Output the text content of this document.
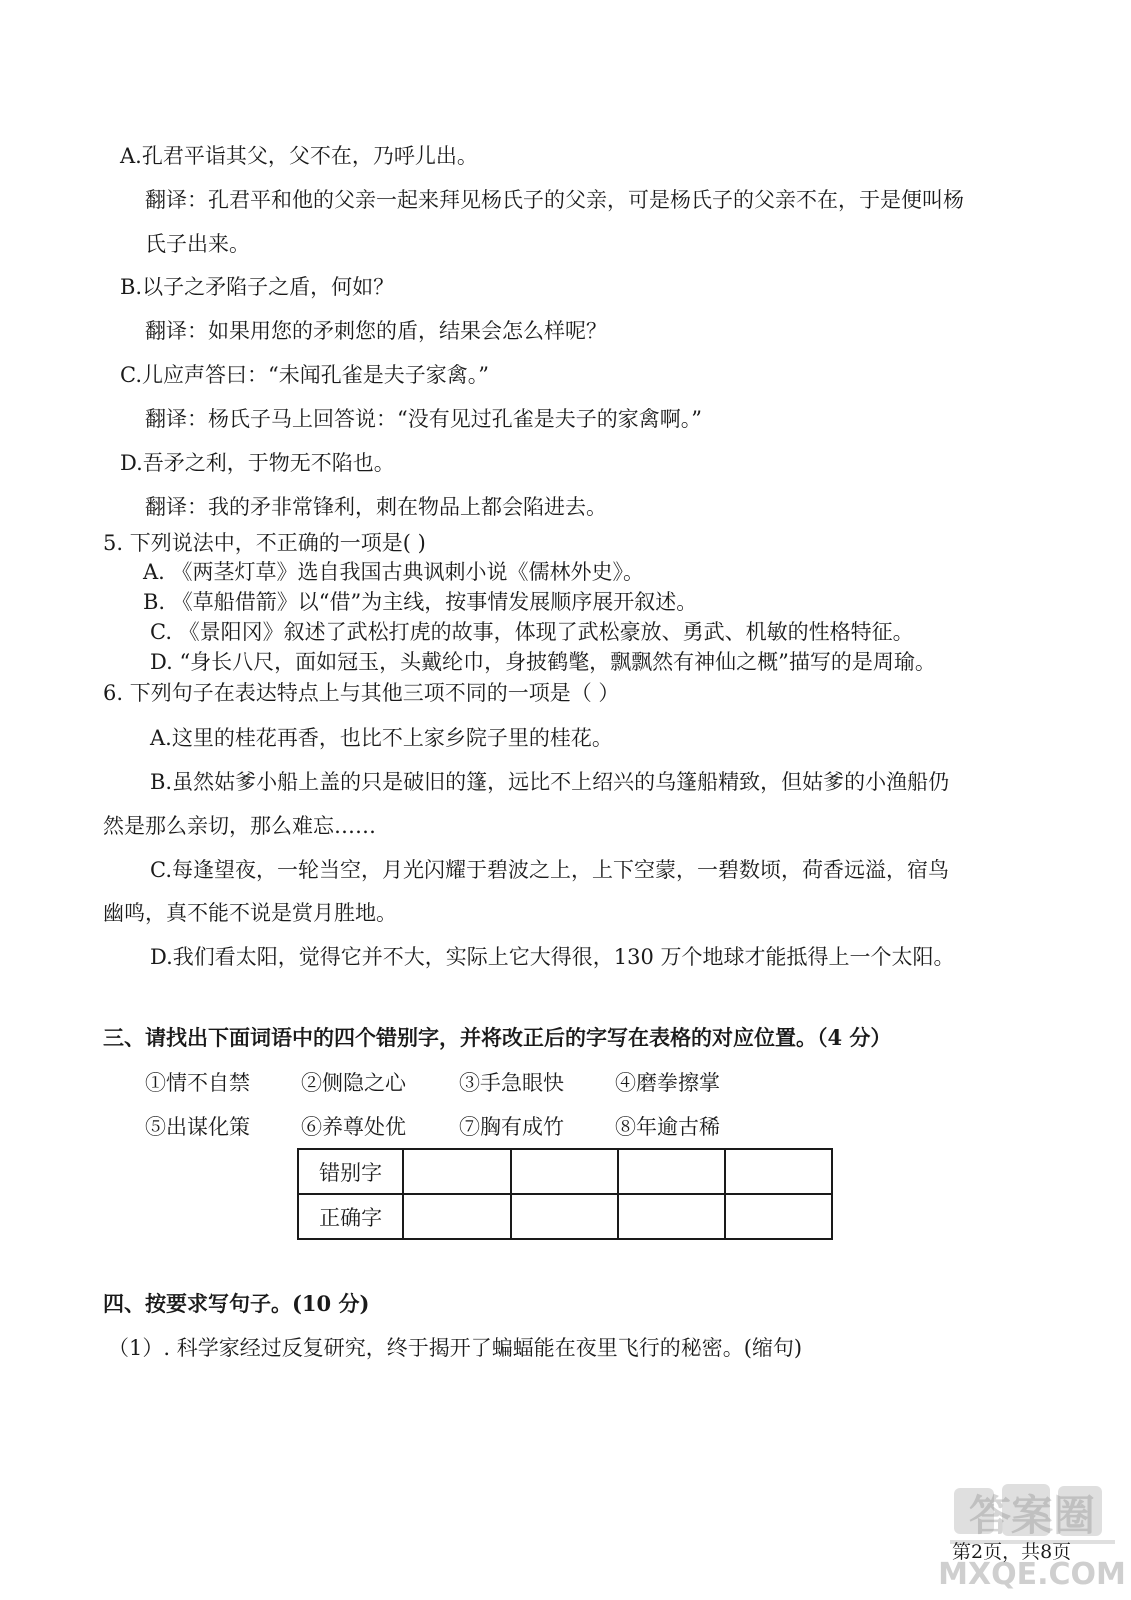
A.孔君平诣其父，父不在，乃呼儿出。
翻译：孔君平和他的父亲一起来拜见杨氏子的父亲，可是杨氏子的父亲不在，于是便叫杨
氏子出来。
B.以子之矛陷子之盾，何如？
翻译：如果用您的矛刺您的盾，结果会怎么样呢？
C.儿应声答曰：“未闻孔雀是夫子家禽。”
翻译：杨氏子马上回答说：“没有见过孔雀是夫子的家禽啊。”
D.吾矛之利，于物无不陷也。
翻译：我的矛非常锋利，刺在物品上都会陷进去。
5. 下列说法中，不正确的一项是( )
A. 《两茎灯草》选自我国古典讽刺小说《儒林外史》。
B. 《草船借箭》以“借”为主线，按事情发展顺序展开叙述。
C. 《景阳冈》叙述了武松打虎的故事，体现了武松豪放、勇武、机敏的性格特征。
D. “身长八尺，面如冠玉，头戴纶巾，身披鹤氅，飘飘然有神仙之概”描写的是周瑜。
6. 下列句子在表达特点上与其他三项不同的一项是（ ）
A.这里的桂花再香，也比不上家乡院子里的桂花。
B.虽然姑爹小船上盖的只是破旧的篷，远比不上绍兴的乌篷船精致，但姑爹的小渔船仍
然是那么亲切，那么难忘……
C.每逢望夜，一轮当空，月光闪耀于碧波之上，上下空蒙，一碧数顷，荷香远溢，宿鸟
幽鸣，真不能不说是赏月胜地。
D.我们看太阳，觉得它并不大，实际上它大得很，130 万个地球才能抵得上一个太阳。
三、请找出下面词语中的四个错别字，并将改正后的字写在表格的对应位置。（4 分）
①情不自禁 ②侧隐之心	③手急眼快 ④磨拳擦掌
⑤出谋化策 ⑥养尊处优	⑦胸有成竹 ⑧年逾古稀
错别字				
正确字				
四、按要求写句子。(10 分)
（1）. 科学家经过反复研究，终于揭开了蝙蝠能在夜里飞行的秘密。(缩句)
答案圈
MXQE.COM
第2页，共8页
